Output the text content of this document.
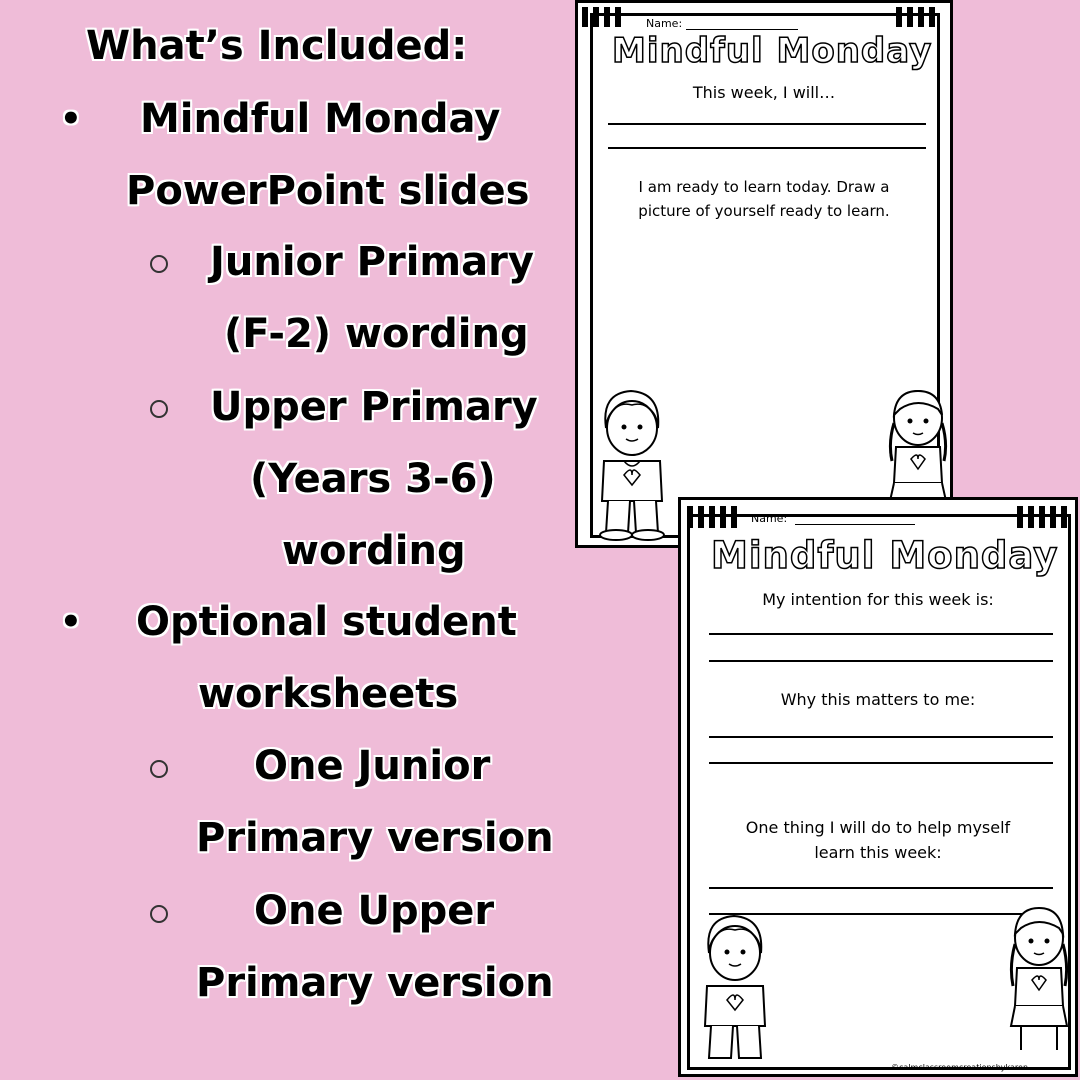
What’s Included:
• Mindful Monday
PowerPoint slides
Junior Primary
(F-2) wording
Upper Primary
(Years 3-6)
wording
• Optional student
worksheets
One Junior
Primary version
One Upper
Primary version
Name:
Mindful Monday
This week, I will…
I am ready to learn today. Draw a
picture of yourself ready to learn.
Name:
Mindful Monday
My intention for this week is:
Why this matters to me:
One thing I will do to help myself
learn this week:
©calmclassroomcreationsbykaren
